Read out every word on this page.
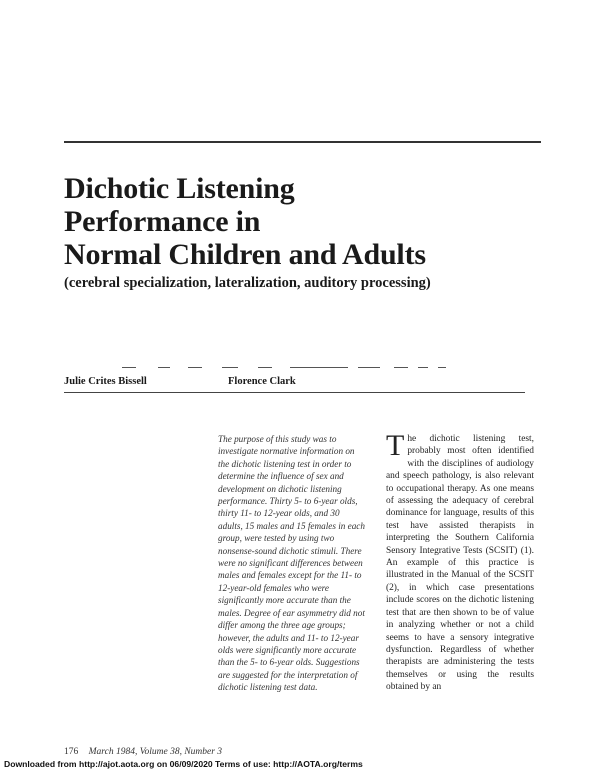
Dichotic Listening
Performance in
Normal Children and Adults
(cerebral specialization, lateralization, auditory processing)
Julie Crites Bissell	Florence Clark
The purpose of this study was to investigate normative information on the dichotic listening test in order to determine the influence of sex and development on dichotic listening performance. Thirty 5- to 6-year olds, thirty 11- to 12-year olds, and 30 adults, 15 males and 15 females in each group, were tested by using two nonsense-sound dichotic stimuli. There were no significant differences between males and females except for the 11- to 12-year-old females who were significantly more accurate than the males. Degree of ear asymmetry did not differ among the three age groups; however, the adults and 11- to 12-year olds were significantly more accurate than the 5- to 6-year olds. Suggestions are suggested for the interpretation of dichotic listening test data.
The dichotic listening test, probably most often identified with the disciplines of audiology and speech pathology, is also relevant to occupational therapy. As one means of assessing the adequacy of cerebral dominance for language, results of this test have assisted therapists in interpreting the Southern California Sensory Integrative Tests (SCSIT) (1). An example of this practice is illustrated in the Manual of the SCSIT (2), in which case presentations include scores on the dichotic listening test that are then shown to be of value in analyzing whether or not a child seems to have a sensory integrative dysfunction. Regardless of whether therapists are administering the tests themselves or using the results obtained by an
176 March 1984, Volume 38, Number 3
Downloaded from http://ajot.aota.org on 06/09/2020 Terms of use: http://AOTA.org/terms
